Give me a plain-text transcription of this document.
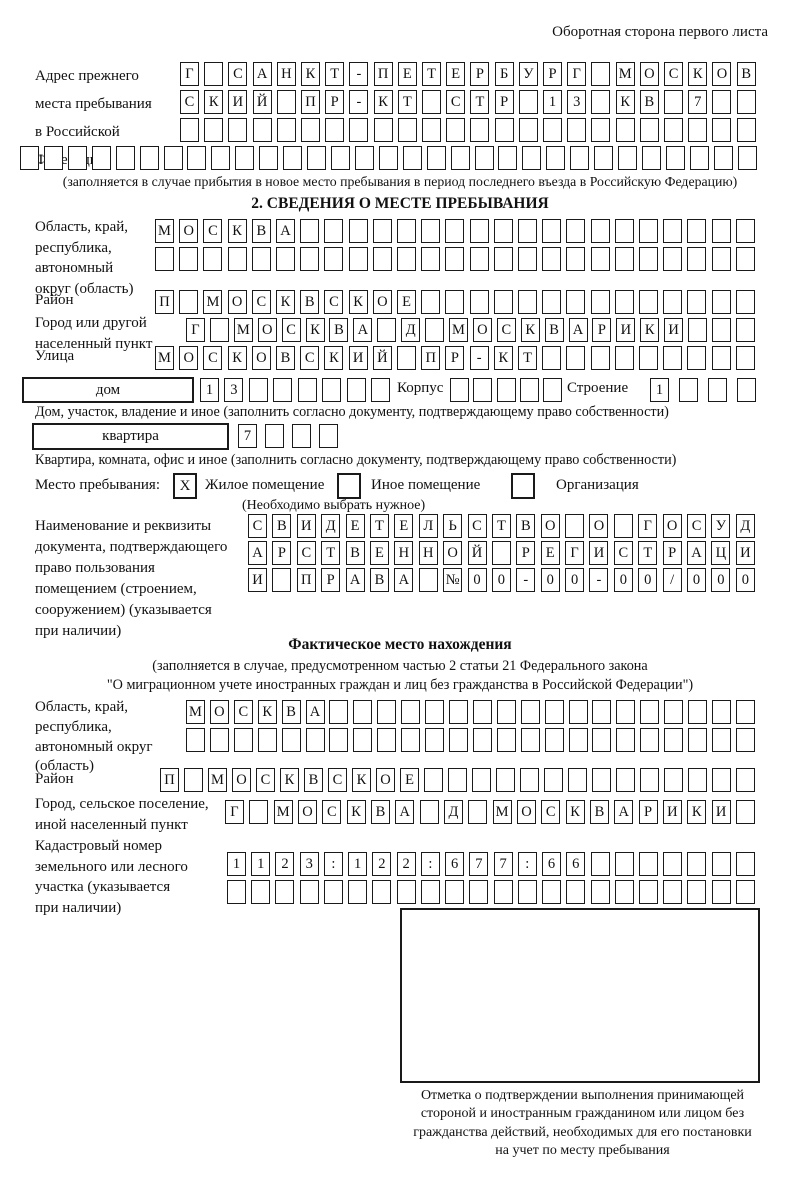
Оборотная сторона первого листа
Адрес прежнего
места пребывания
в Российской
Г	С А Н К	Т	-	П	Е	Т	Е	Р	Б	У	Р	Г	М О С	К О В
С	К И Й	П	Р	-	К	Т	С	Т	Р	1	3	К	В	7
(заполняется в случае прибытия в новое место пребывания в период последнего въезда в Российскую Федерацию)
2. СВЕДЕНИЯ О МЕСТЕ ПРЕБЫВАНИЯ
Область, край,
республика,
автономный
округ (область)
М О С	К	В А
Район	П	М О С	К	В	С	К О	Е
Город или другой
населенный пункт
Г	М О С К В А	Д	М О С К В А	Р	И К И
Улица	М О С	К О В	С	К И Й	П	Р	-	К	Т
дом	1	3	Корпус	Строение	1
Дом, участок, владение и иное (заполнить согласно документу, подтверждающему право собственности)
квартира	7
Квартира, комната, офис и иное (заполнить согласно документу, подтверждающему право собственности)
Место пребывания:	X Жилое помещение	Иное помещение	Организация
(Необходимо выбрать нужное)
Наименование и реквизиты
документа, подтверждающего
право пользования
помещением (строением,
сооружением) (указывается
при наличии)
С	В И Д	Е	Т	Е	Л	Ь	С	Т	В О	О	Г	О С У Д
А	Р	С	Т	В	Е	Н Н О Й	Р	Е	Г	И С	Т	Р	А Ц И
И	П	Р	А В А	№ 0	0	-	0	0	-	0	0	/	0	0	0
Фактическое место нахождения
(заполняется в случае, предусмотренном частью 2 статьи 21 Федерального закона
"О миграционном учете иностранных граждан и лиц без гражданства в Российской Федерации")
Область, край,
республика,
автономный округ
(область)
М О С К В А
Район	П	М О С К В С К О Е
Город, сельское поселение,
иной населенный пункт
Г	М О С	К	В А	Д	М О С	К	В А	Р	И К И
Кадастровый номер
земельного или лесного
участка (указывается
при наличии)
1	1	2	3	:	1	2	2	:	6	7	7	:	6	6
Отметка о подтверждении выполнения принимающей
стороной и иностранным гражданином или лицом без
гражданства действий, необходимых для его постановки
на учет по месту пребывания
